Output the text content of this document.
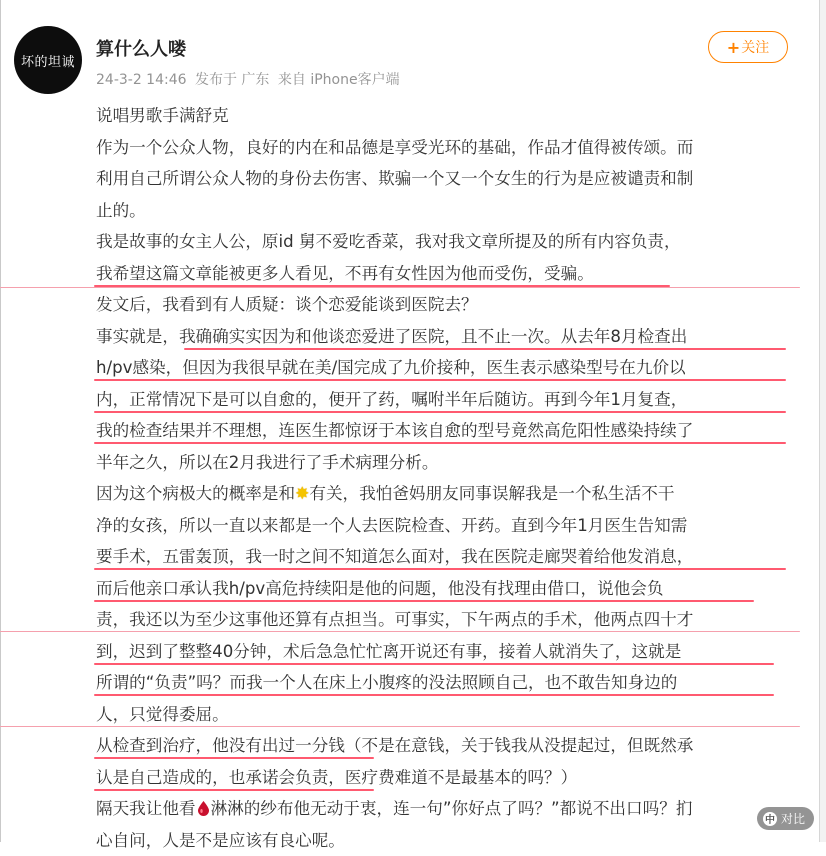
坏的坦诚
算什么人喽
24-3-2 14:46 发布于 广东 来自 iPhone客户端
+ 关注
说唱男歌手满舒克
作为一个公众人物，良好的内在和品德是享受光环的基础，作品才值得被传颂。而
利用自己所谓公众人物的身份去伤害、欺骗一个又一个女生的行为是应被谴责和制
止的。
我是故事的女主人公，原id 舅不爱吃香菜，我对我文章所提及的所有内容负责，
我希望这篇文章能被更多人看见，不再有女性因为他而受伤，受骗。
发文后，我看到有人质疑：谈个恋爱能谈到医院去？
事实就是，我确确实实因为和他谈恋爱进了医院，且不止一次。从去年8月检查出
h/pv感染，但因为我很早就在美/国完成了九价接种，医生表示感染型号在九价以
内，正常情况下是可以自愈的，便开了药，嘱咐半年后随访。再到今年1月复查，
我的检查结果并不理想，连医生都惊讶于本该自愈的型号竟然高危阳性感染持续了
半年之久，所以在2月我进行了手术病理分析。
因为这个病极大的概率是和✸有关，我怕爸妈朋友同事误解我是一个私生活不干
净的女孩，所以一直以来都是一个人去医院检查、开药。直到今年1月医生告知需
要手术，五雷轰顶，我一时之间不知道怎么面对，我在医院走廊哭着给他发消息，
而后他亲口承认我h/pv高危持续阳是他的问题，他没有找理由借口，说他会负
责，我还以为至少这事他还算有点担当。可事实，下午两点的手术，他两点四十才
到，迟到了整整40分钟，术后急急忙忙离开说还有事，接着人就消失了，这就是
所谓的“负责”吗？而我一个人在床上小腹疼的没法照顾自己，也不敢告知身边的
人，只觉得委屈。
从检查到治疗，他没有出过一分钱（不是在意钱，关于钱我从没提起过，但既然承
认是自己造成的，也承诺会负责，医疗费难道不是最基本的吗？）
隔天我让他看 淋淋的纱布他无动于衷，连一句”你好点了吗？”都说不出口吗？扪
心自问，人是不是应该有良心呢。
中 对比
